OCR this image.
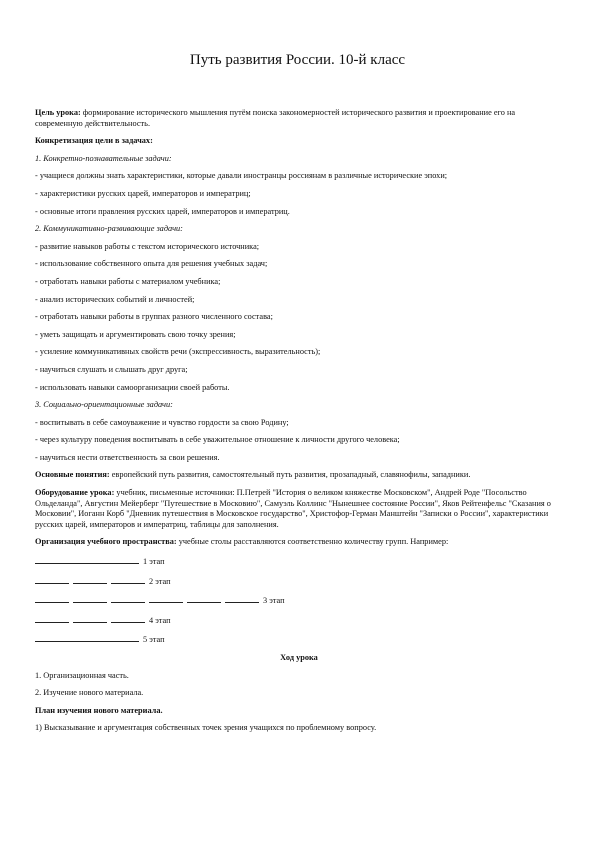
Путь развития России. 10-й класс

Цель урока: формирование исторического мышления путём поиска закономерностей исторического развития и проектирование его на современную действительность.

Конкретизация цели в задачах:

1. Конкретно-познавательные задачи:

- учащиеся должны знать характеристики, которые давали иностранцы россиянам в различные исторические эпохи;

- характеристики русских царей, императоров и императриц;

- основные итоги правления русских царей, императоров и императриц.

2. Коммуникативно-развивающие задачи:

- развитие навыков работы с текстом исторического источника;

- использование собственного опыта для решения учебных задач;

- отработать навыки работы с материалом учебника;

- анализ исторических событий и личностей;

- отработать навыки работы в группах разного численного состава;

- уметь защищать и аргументировать свою точку зрения;

- усиление коммуникативных свойств речи (экспрессивность, выразительность);

- научиться слушать и слышать друг друга;

- использовать навыки самоорганизации своей работы.

3. Социально-ориентационные задачи:

- воспитывать в себе самоуважение и чувство гордости за свою Родину;

- через культуру поведения воспитывать в себе уважительное отношение к личности другого человека;

- научиться нести ответственность за свои решения.

Основные понятия: европейский путь развития, самостоятельный путь развития, прозападный, славянофилы, западники.

Оборудование урока: учебник, письменные источники: П.Петрей "История о великом княжестве Московском", Андрей Роде "Посольство Ольделанда", Августин Мейерберг "Путешествие в Московию", Самуэль Коллинс "Нынешнее состояние России", Яков Рейтенфельс "Сказания о Московии", Иоганн Корб "Дневник путешествия в Московское государство", Христофор-Герман Манштейн "Записки о России", характеристики русских царей, императоров и императриц, таблицы для заполнения.

Организация учебного пространства: учебные столы расставляются соответственно количеству групп. Например:

1 этап

2 этап

3 этап

4 этап

5 этап

Ход урока

1. Организационная часть.

2. Изучение нового материала.

План изучения нового материала.

1) Высказывание и аргументация собственных точек зрения учащихся по проблемному вопросу.
